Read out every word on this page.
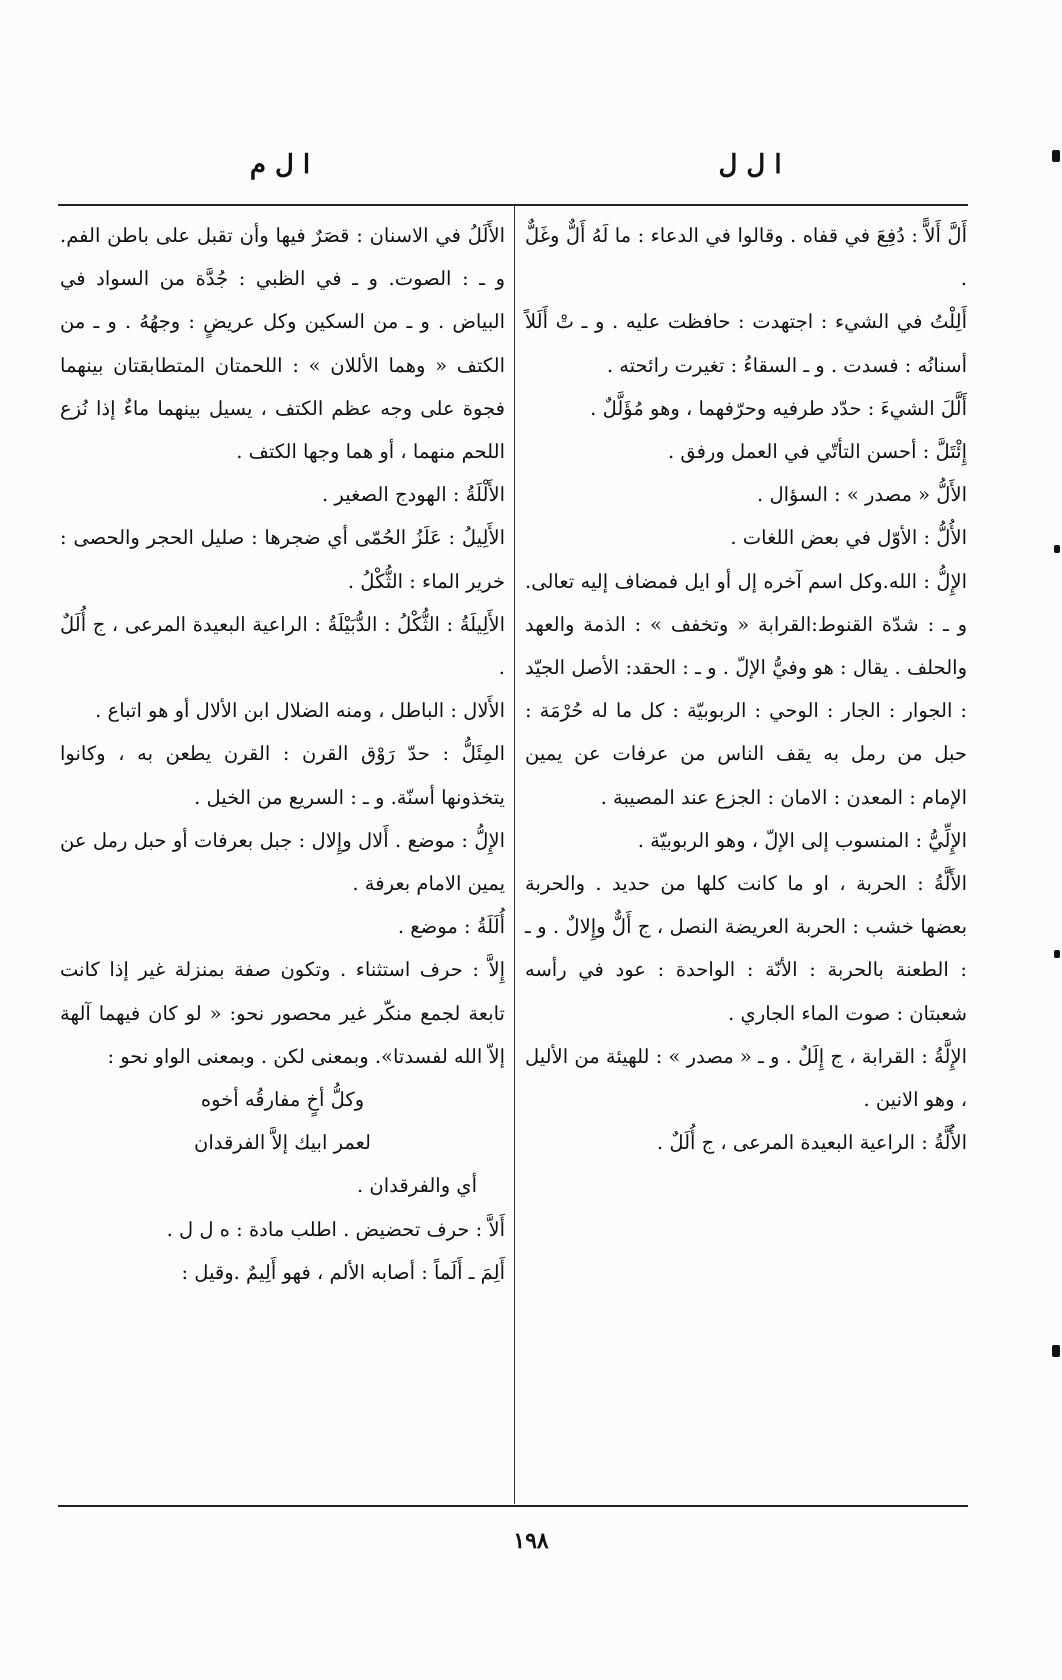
ا ل ل
ا ل م

أَلَّ أَلاًّ : دُفِعَ في قفاه . وقالوا في الدعاء : ما لَهُ أَلٌّ وغَلٌّ .

أَلِلْتُ في الشيء : اجتهدت : حافظت عليه . و ـ تْ أَلَلاً أسنانُه : فسدت . و ـ السقاءُ : تغيرت رائحته .

أَلَّلَ الشيءَ : حدّد طرفيه وحرّفهما ، وهو مُؤَلَّلٌ .

إِئْتَلَّ : أحسن التأتّي في العمل ورفق .

الأَلُّ « مصدر » : السؤال .

الأُلُّ : الأوّل في بعض اللغات .

الإِلُّ : الله.وكل اسم آخره إل أو ايل فمضاف إليه تعالى. و ـ : شدّة القنوط:القرابة « وتخفف » : الذمة والعهد والحلف . يقال : هو وفيُّ الإلّ . و ـ : الحقد: الأصل الجيّد : الجوار : الجار : الوحي : الربوبيّة : كل ما له حُرْمَة : حبل من رمل به يقف الناس من عرفات عن يمين الإمام : المعدن : الامان : الجزع عند المصيبة .

الإِلِّيُّ : المنسوب إلى الإلّ ، وهو الربوبيّة .

الأَلَّةُ : الحربة ، او ما كانت كلها من حديد . والحربة بعضها خشب : الحربة العريضة النصل ، ج أَلٌّ وإِلالٌ . و ـ : الطعنة بالحربة : الأنّة : الواحدة : عود في رأسه شعبتان : صوت الماء الجاري .

الإِلَّةُ : القرابة ، ج إِلَلٌ . و ـ « مصدر » : للهيئة من الأليل ، وهو الانين .

الأُلَّةُ : الراعية البعيدة المرعى ، ج أُلَلٌ .

الأَلَلُ في الاسنان : قصَرٌ فيها وأن تقبل على باطن الفم. و ـ : الصوت. و ـ في الظبي : جُدَّة من السواد في البياض . و ـ من السكين وكل عريضٍ : وجهُهُ . و ـ من الكتف « وهما الأللان » : اللحمتان المتطابقتان بينهما فجوة على وجه عظم الكتف ، يسيل بينهما ماءٌ إذا نُزع اللحم منهما ، أو هما وجها الكتف .

الأَلْلَةُ : الهودج الصغير .

الأَلِيلُ : عَلَزُ الحُمّى أي ضجرها : صليل الحجر والحصى : خرير الماء : الثُّكْلُ .

الأَلِيلَةُ : الثُّكْلُ : الدُّبَيْلَةُ : الراعية البعيدة المرعى ، ج أُلَلٌ .

الأَلال : الباطل ، ومنه الضلال ابن الألال أو هو اتباع .

المِئَلُّ : حدّ رَوْق القرن : القرن يطعن به ، وكانوا يتخذونها أسنّة. و ـ : السريع من الخيل .

الإِلُّ : موضع . أَلال وإِلال : جبل بعرفات أو حبل رمل عن يمين الامام بعرفة .

أُلَلَةُ : موضع .

إِلاَّ : حرف استثناء . وتكون صفة بمنزلة غير إذا كانت تابعة لجمع منكّر غير محصور نحو: « لو كان فيهما آلهة إلاّ الله لفسدتا». وبمعنى لكن . وبمعنى الواو نحو :

وكلُّ أخٍ مفارقُه أخوه

لعمر ابيك إلاَّ الفرقدان

أي والفرقدان .

أَلاَّ : حرف تحضيض . اطلب مادة : ه ل ل .

أَلِمَ ـ أَلَماً : أصابه الألم ، فهو أَلِيمٌ .وقيل :

١٩٨
